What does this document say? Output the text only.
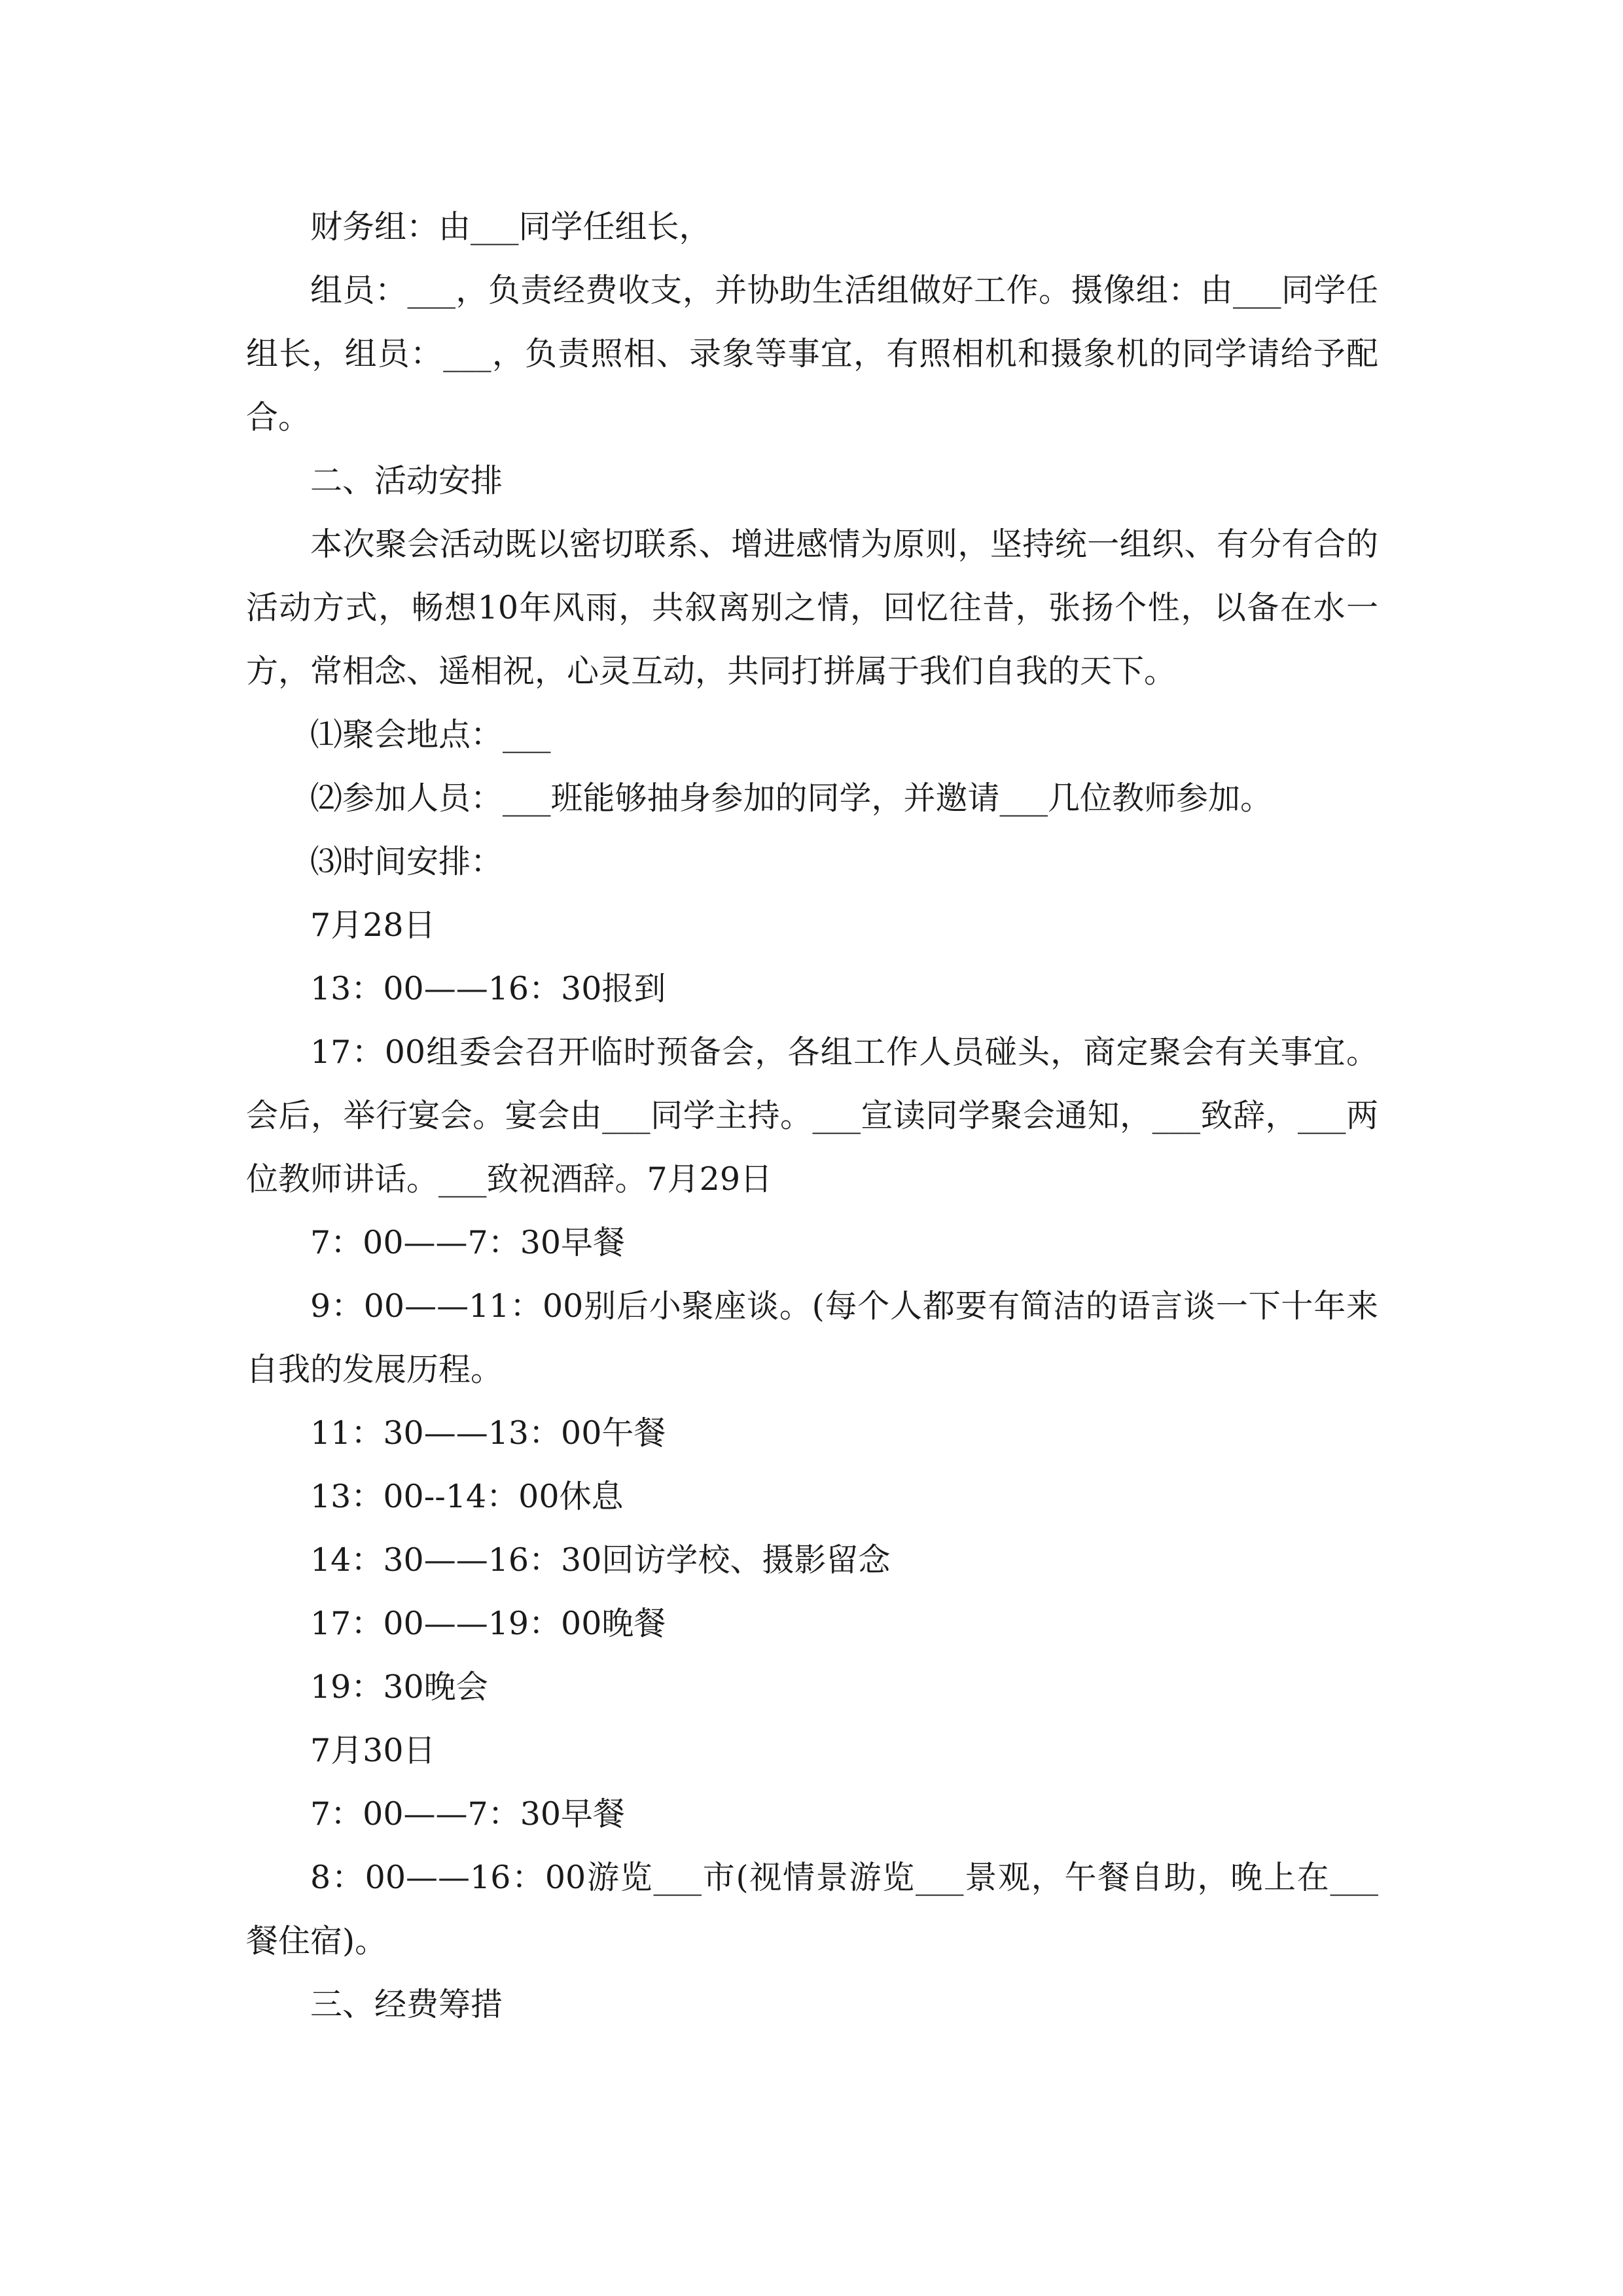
财务组：由___同学任组长，

组员：___，负责经费收支，并协助生活组做好工作。摄像组：由___同学任组长，组员：___，负责照相、录象等事宜，有照相机和摄象机的同学请给予配合。

二、活动安排

本次聚会活动既以密切联系、增进感情为原则，坚持统一组织、有分有合的活动方式，畅想10年风雨，共叙离别之情，回忆往昔，张扬个性，以备在水一方，常相念、遥相祝，心灵互动，共同打拼属于我们自我的天下。

⑴聚会地点：___

⑵参加人员：___班能够抽身参加的同学，并邀请___几位教师参加。

⑶时间安排：

7月28日

13：00——16：30报到

17：00组委会召开临时预备会，各组工作人员碰头，商定聚会有关事宜。会后，举行宴会。宴会由___同学主持。___宣读同学聚会通知，___致辞，___两位教师讲话。___致祝酒辞。7月29日

7：00——7：30早餐

9：00——11：00别后小聚座谈。(每个人都要有简洁的语言谈一下十年来自我的发展历程。

11：30——13：00午餐

13：00--14：00休息

14：30——16：30回访学校、摄影留念

17：00——19：00晚餐

19：30晚会

7月30日

7：00——7：30早餐

8：00——16：00游览___市(视情景游览___景观，午餐自助，晚上在___餐住宿)。

三、经费筹措
